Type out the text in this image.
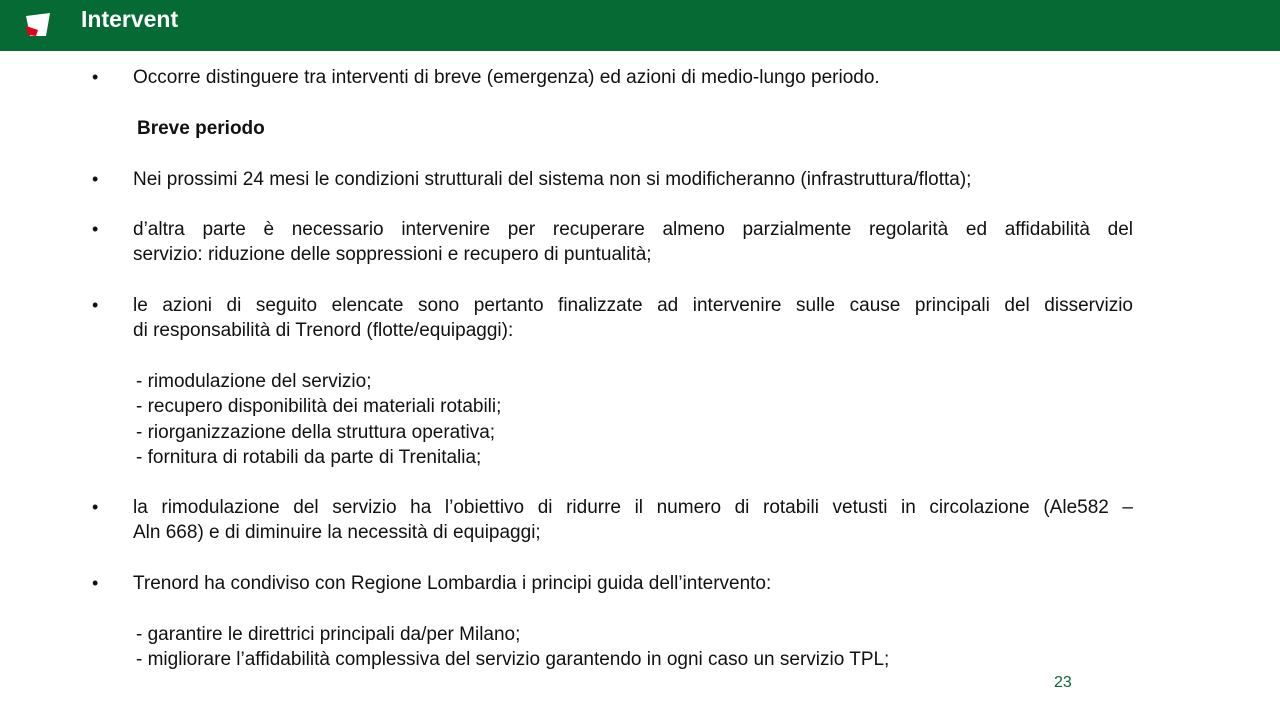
Intervent
• Occorre distinguere tra interventi di breve (emergenza) ed azioni di medio-lungo periodo.
Breve periodo
• Nei prossimi 24 mesi le condizioni strutturali del sistema non si modificheranno (infrastruttura/flotta);
• d’altra parte è necessario intervenire per recuperare almeno parzialmente regolarità ed affidabilità del
servizio: riduzione delle soppressioni e recupero di puntualità;
• le azioni di seguito elencate sono pertanto finalizzate ad intervenire sulle cause principali del disservizio
di responsabilità di Trenord (flotte/equipaggi):
- rimodulazione del servizio;
- recupero disponibilità dei materiali rotabili;
- riorganizzazione della struttura operativa;
- fornitura di rotabili da parte di Trenitalia;
• la rimodulazione del servizio ha l’obiettivo di ridurre il numero di rotabili vetusti in circolazione (Ale582 –
Aln 668) e di diminuire la necessità di equipaggi;
• Trenord ha condiviso con Regione Lombardia i principi guida dell’intervento:
- garantire le direttrici principali da/per Milano;
- migliorare l’affidabilità complessiva del servizio garantendo in ogni caso un servizio TPL;
23
